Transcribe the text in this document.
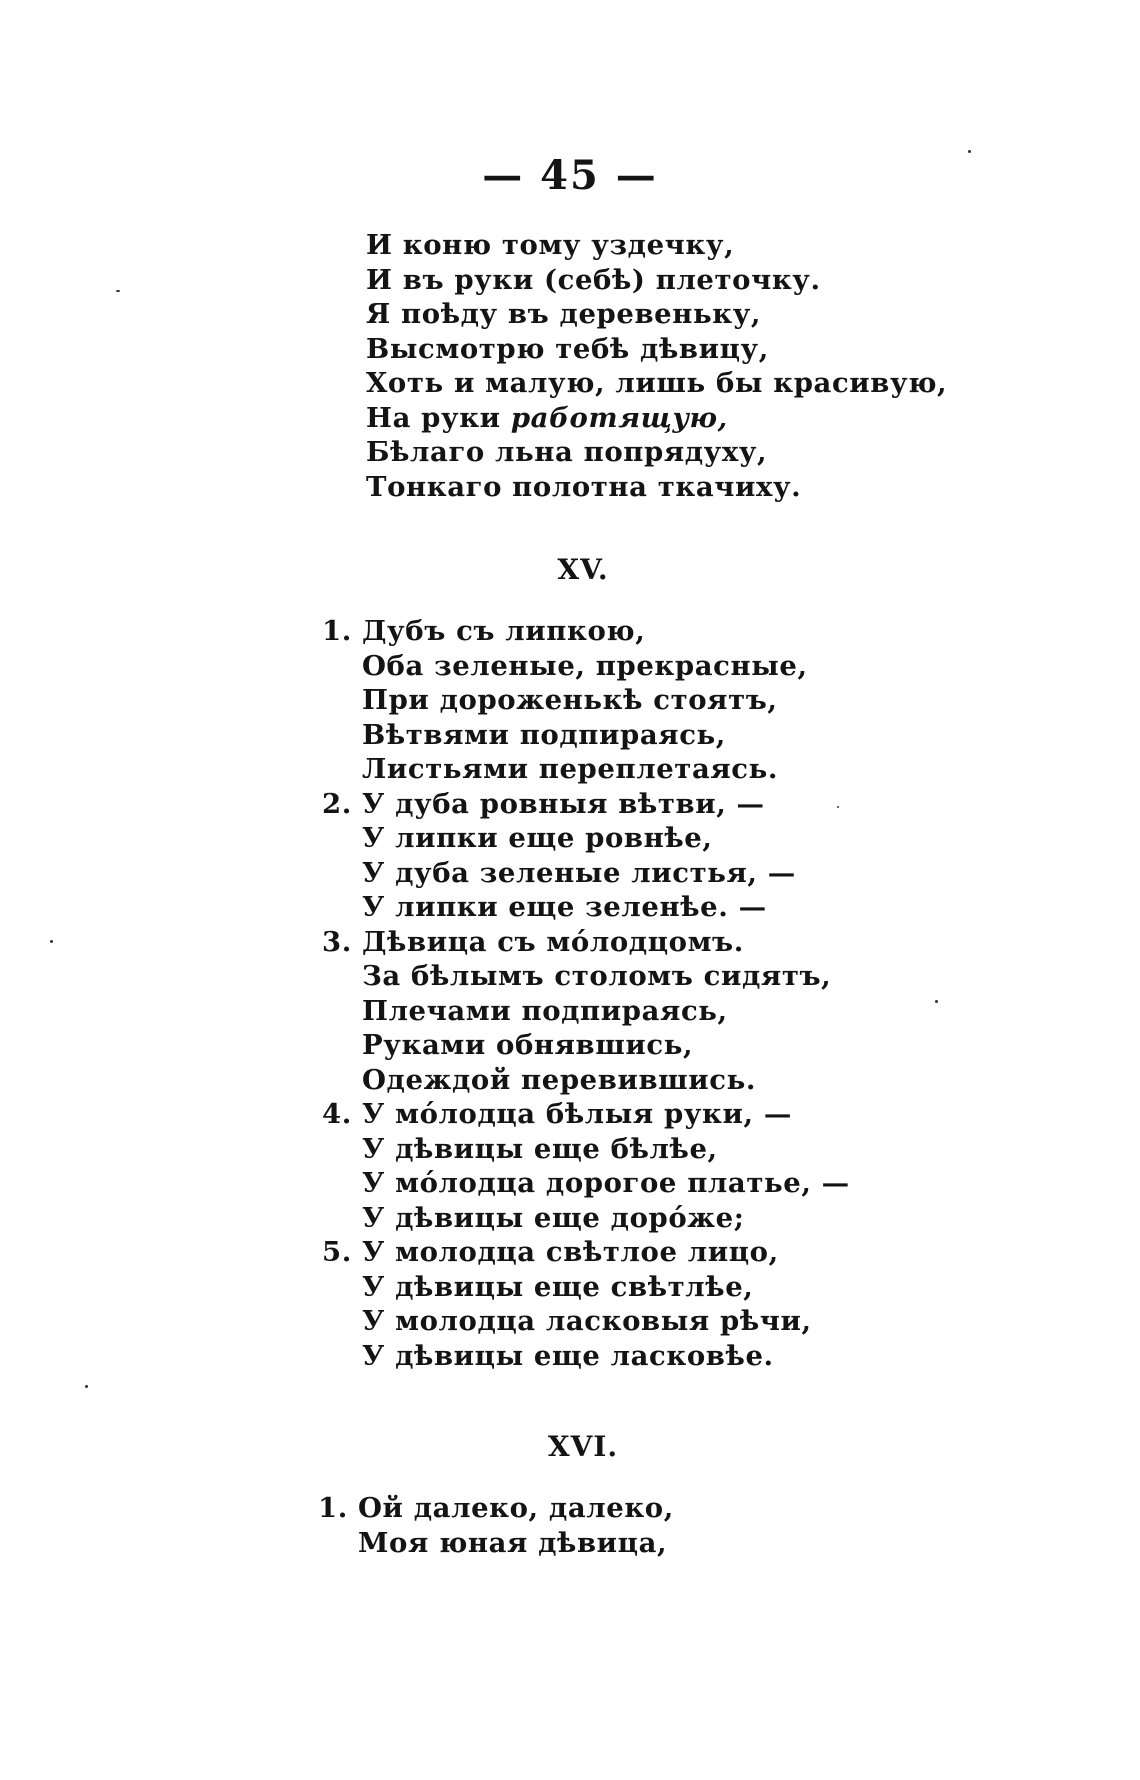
— 45 —
И коню тому уздечку,
И въ руки (себѣ) плеточку.
Я поѣду въ деревеньку,
Высмотрю тебѣ дѣвицу,
Хоть и малую, лишь бы красивую,
На руки работящую,
Бѣлаго льна попрядуху,
Тонкаго полотна ткачиху.
XV.
1. Дубъ съ липкою,
Оба зеленые, прекрасные,
При дороженькѣ стоятъ,
Вѣтвями подпираясь,
Листьями переплетаясь.
2. У дуба ровныя вѣтви, —
У липки еще ровнѣе,
У дуба зеленые листья, —
У липки еще зеленѣе. —
3. Дѣвица съ мо́лодцомъ.
За бѣлымъ столомъ сидятъ,
Плечами подпираясь,
Руками обнявшись,
Одеждой перевившись.
4. У мо́лодца бѣлыя руки, —
У дѣвицы еще бѣлѣе,
У мо́лодца дорогое платье, —
У дѣвицы еще доро́же;
5. У молодца свѣтлое лицо,
У дѣвицы еще свѣтлѣе,
У молодца ласковыя рѣчи,
У дѣвицы еще ласковѣе.
XVI.
1. Ой далеко, далеко,
Моя юная дѣвица,
